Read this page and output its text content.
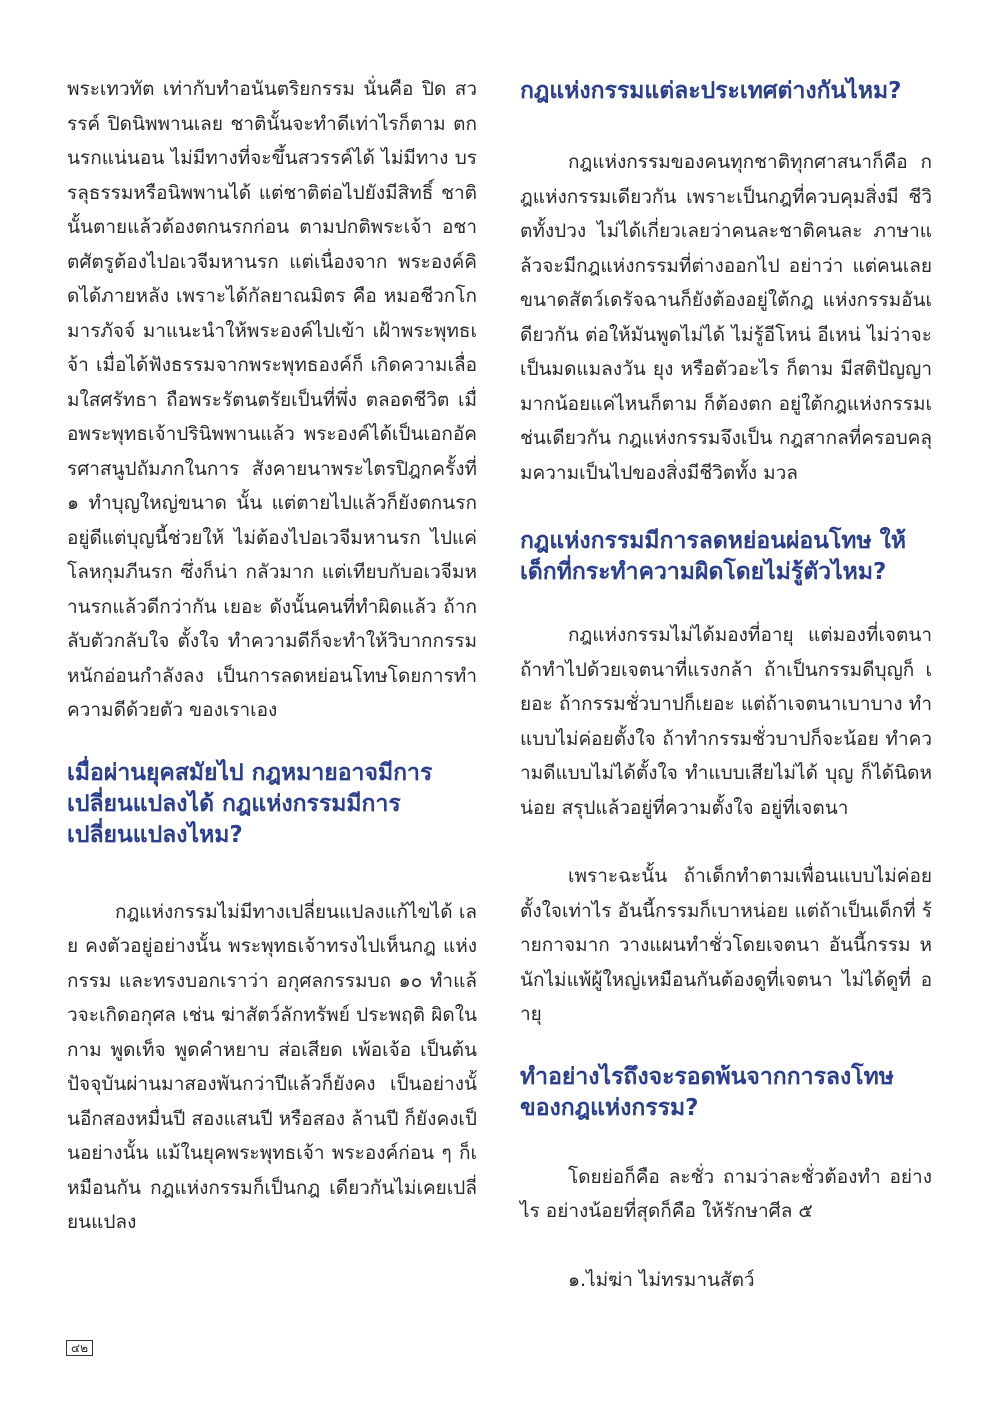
พระเทวทัต เท่ากับทำอนันตริยกรรม นั่นคือ ปิด สวรรค์ ปิดนิพพานเลย ชาตินั้นจะทำดีเท่าไรก็ตาม ตกนรกแน่นอน ไม่มีทางที่จะขึ้นสวรรค์ได้ ไม่มีทาง บรรลุธรรมหรือนิพพานได้ แต่ชาติต่อไปยังมีสิทธิ์ ชาตินั้นตายแล้วต้องตกนรกก่อน ตามปกติพระเจ้า อชาตศัตรูต้องไปอเวจีมหานรก แต่เนื่องจาก พระองค์คิดได้ภายหลัง เพราะได้กัลยาณมิตร คือ หมอชีวกโกมารภัจจ์ มาแนะนำให้พระองค์ไปเข้า เฝ้าพระพุทธเจ้า เมื่อได้ฟังธรรมจากพระพุทธองค์ก็ เกิดความเลื่อมใสศรัทธา ถือพระรัตนตรัยเป็นที่พึ่ง ตลอดชีวิต เมื่อพระพุทธเจ้าปรินิพพานแล้ว พระองค์ได้เป็นเอกอัครศาสนูปถัมภกในการ สังคายนาพระไตรปิฎกครั้งที่ ๑ ทำบุญใหญ่ขนาด นั้น แต่ตายไปแล้วก็ยังตกนรกอยู่ดีแต่บุญนี้ช่วยให้ ไม่ต้องไปอเวจีมหานรก ไปแค่โลหกุมภีนรก ซึ่งก็น่า กลัวมาก แต่เทียบกับอเวจีมหานรกแล้วดีกว่ากัน เยอะ ดังนั้นคนที่ทำผิดแล้ว ถ้ากลับตัวกลับใจ ตั้งใจ ทำความดีก็จะทำให้วิบากกรรมหนักอ่อนกำลังลง เป็นการลดหย่อนโทษโดยการทำความดีด้วยตัว ของเราเอง

เมื่อผ่านยุคสมัยไป กฎหมายอาจมีการ เปลี่ยนแปลงได้ กฎแห่งกรรมมีการ เปลี่ยนแปลงไหม?

กฎแห่งกรรมไม่มีทางเปลี่ยนแปลงแก้ไขได้ เลย คงตัวอยู่อย่างนั้น พระพุทธเจ้าทรงไปเห็นกฎ แห่งกรรม และทรงบอกเราว่า อกุศลกรรมบถ ๑๐ ทำแล้วจะเกิดอกุศล เช่น ฆ่าสัตว์ลักทรัพย์ ประพฤติ ผิดในกาม พูดเท็จ พูดคำหยาบ ส่อเสียด เพ้อเจ้อ เป็นต้น ปัจจุบันผ่านมาสองพันกว่าปีแล้วก็ยังคง เป็นอย่างนั้นอีกสองหมื่นปี สองแสนปี หรือสอง ล้านปี ก็ยังคงเป็นอย่างนั้น แม้ในยุคพระพุทธเจ้า พระองค์ก่อน ๆ ก็เหมือนกัน กฎแห่งกรรมก็เป็นกฎ เดียวกันไม่เคยเปลี่ยนแปลง

กฎแห่งกรรมแต่ละประเทศต่างกันไหม?

กฎแห่งกรรมของคนทุกชาติทุกศาสนาก็คือ กฎแห่งกรรมเดียวกัน เพราะเป็นกฎที่ควบคุมสิ่งมี ชีวิตทั้งปวง ไม่ได้เกี่ยวเลยว่าคนละชาติคนละ ภาษาแล้วจะมีกฎแห่งกรรมที่ต่างออกไป อย่าว่า แต่คนเลย ขนาดสัตว์เดรัจฉานก็ยังต้องอยู่ใต้กฎ แห่งกรรมอันเดียวกัน ต่อให้มันพูดไม่ได้ ไม่รู้อีโหน่ อีเหน่ ไม่ว่าจะเป็นมดแมลงวัน ยุง หรือตัวอะไร ก็ตาม มีสติปัญญามากน้อยแค่ไหนก็ตาม ก็ต้องตก อยู่ใต้กฎแห่งกรรมเช่นเดียวกัน กฎแห่งกรรมจึงเป็น กฎสากลที่ครอบคลุมความเป็นไปของสิ่งมีชีวิตทั้ง มวล

กฎแห่งกรรมมีการลดหย่อนผ่อนโทษ ให้เด็กที่กระทำความผิดโดยไม่รู้ตัวไหม?

กฎแห่งกรรมไม่ได้มองที่อายุ แต่มองที่เจตนา ถ้าทำไปด้วยเจตนาที่แรงกล้า ถ้าเป็นกรรมดีบุญก็ เยอะ ถ้ากรรมชั่วบาปก็เยอะ แต่ถ้าเจตนาเบาบาง ทำแบบไม่ค่อยตั้งใจ ถ้าทำกรรมชั่วบาปก็จะน้อย ทำความดีแบบไม่ได้ตั้งใจ ทำแบบเสียไม่ได้ บุญ ก็ได้นิดหน่อย สรุปแล้วอยู่ที่ความตั้งใจ อยู่ที่เจตนา

เพราะฉะนั้น ถ้าเด็กทำตามเพื่อนแบบไม่ค่อย ตั้งใจเท่าไร อันนี้กรรมก็เบาหน่อย แต่ถ้าเป็นเด็กที่ ร้ายกาจมาก วางแผนทำชั่วโดยเจตนา อันนี้กรรม หนักไม่แพ้ผู้ใหญ่เหมือนกันต้องดูที่เจตนา ไม่ได้ดูที่ อายุ

ทำอย่างไรถึงจะรอดพ้นจากการลงโทษ ของกฎแห่งกรรม?

โดยย่อก็คือ ละชั่ว ถามว่าละชั่วต้องทำ อย่างไร อย่างน้อยที่สุดก็คือ ให้รักษาศีล ๕

๑.ไม่ฆ่า ไม่ทรมานสัตว์

๔๒
